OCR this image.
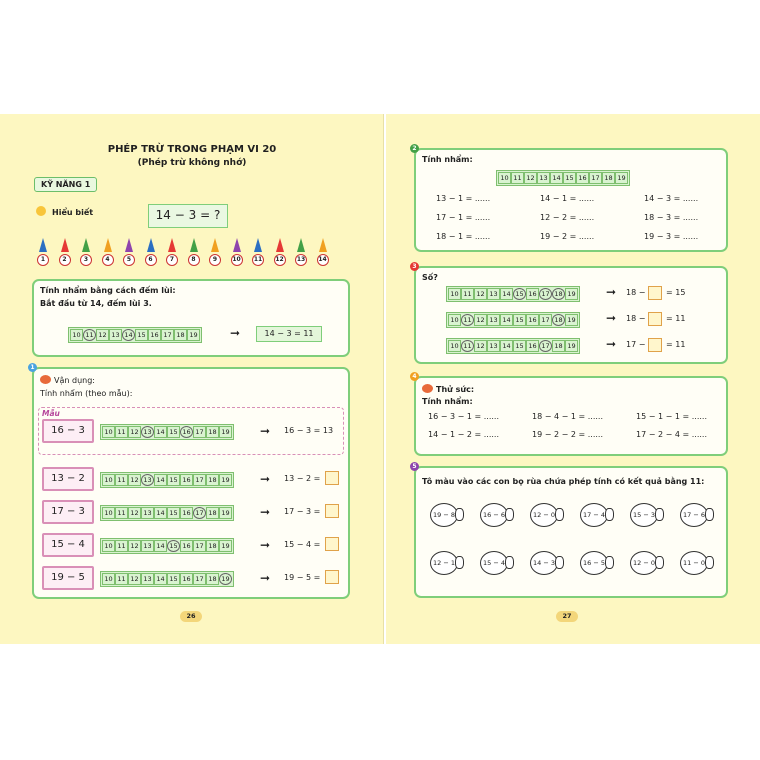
PHÉP TRỪ TRONG PHẠM VI 20
(Phép trừ không nhớ)
KỸ NĂNG 1
Hiểu biết	14 − 3 = ?
1	2	3	4	5	6	7	8	9	10	11	12	13	14
Tính nhẩm bằng cách đếm lùi:
Bắt đầu từ 14, đếm lùi 3.
10 11 12 13 14 15 16 17 18 19	➞	14 − 3 = 11
1
Vận dụng:
Tính nhẩm (theo mẫu):
Mẫu
16 − 3	10 11 12 13 14 15 16 17 18 19	➞ 16 − 3 = 13
13 − 2	10 11 12 13 14 15 16 17 18 19	➞ 13 − 2 =
17 − 3	10 11 12 13 14 15 16 17 18 19	➞ 17 − 3 =
15 − 4	10 11 12 13 14 15 16 17 18 19	➞ 15 − 4 =
19 − 5	10 11 12 13 14 15 16 17 18 19	➞ 19 − 5 =
26
2
Tính nhẩm:
10 11 12 13 14 15 16 17 18 19
13 − 1 = ......	14 − 1 = ......	14 − 3 = ......
17 − 1 = ......	12 − 2 = ......	18 − 3 = ......
18 − 1 = ......	19 − 2 = ......	19 − 3 = ......
3
Số?
10 11 12 13 14 15 16 17 18 19	➞ 18 −	= 15
10 11 12 13 14 15 16 17 18 19	➞ 18 −	= 11
10 11 12 13 14 15 16 17 18 19	➞ 17 −	= 11
4
Thử sức:
Tính nhẩm:
16 − 3 − 1 = ......	18 − 4 − 1 = ......	15 − 1 − 1 = ......
14 − 1 − 2 = ......	19 − 2 − 2 = ......	17 − 2 − 4 = ......
5
Tô màu vào các con bọ rùa chứa phép tính có kết quả bằng 11:
19 − 8	16 − 6	12 − 0	17 − 4	15 − 3	17 − 6
12 − 1	15 − 4	14 − 3	16 − 5	12 − 0	11 − 0
27
